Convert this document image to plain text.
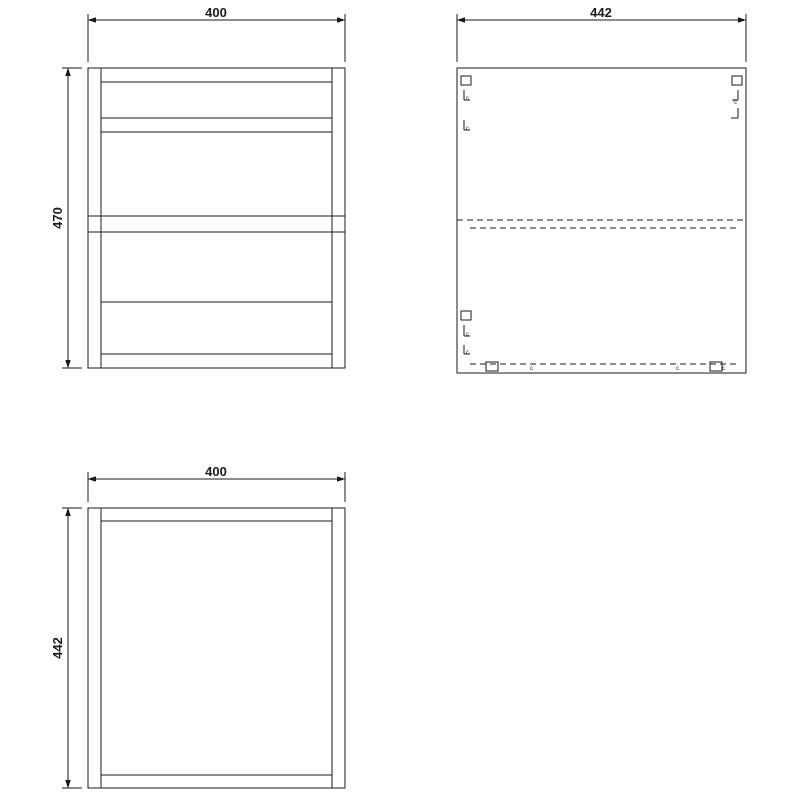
400
470
442
400
442
c
c
c
c
c
c	c	c
